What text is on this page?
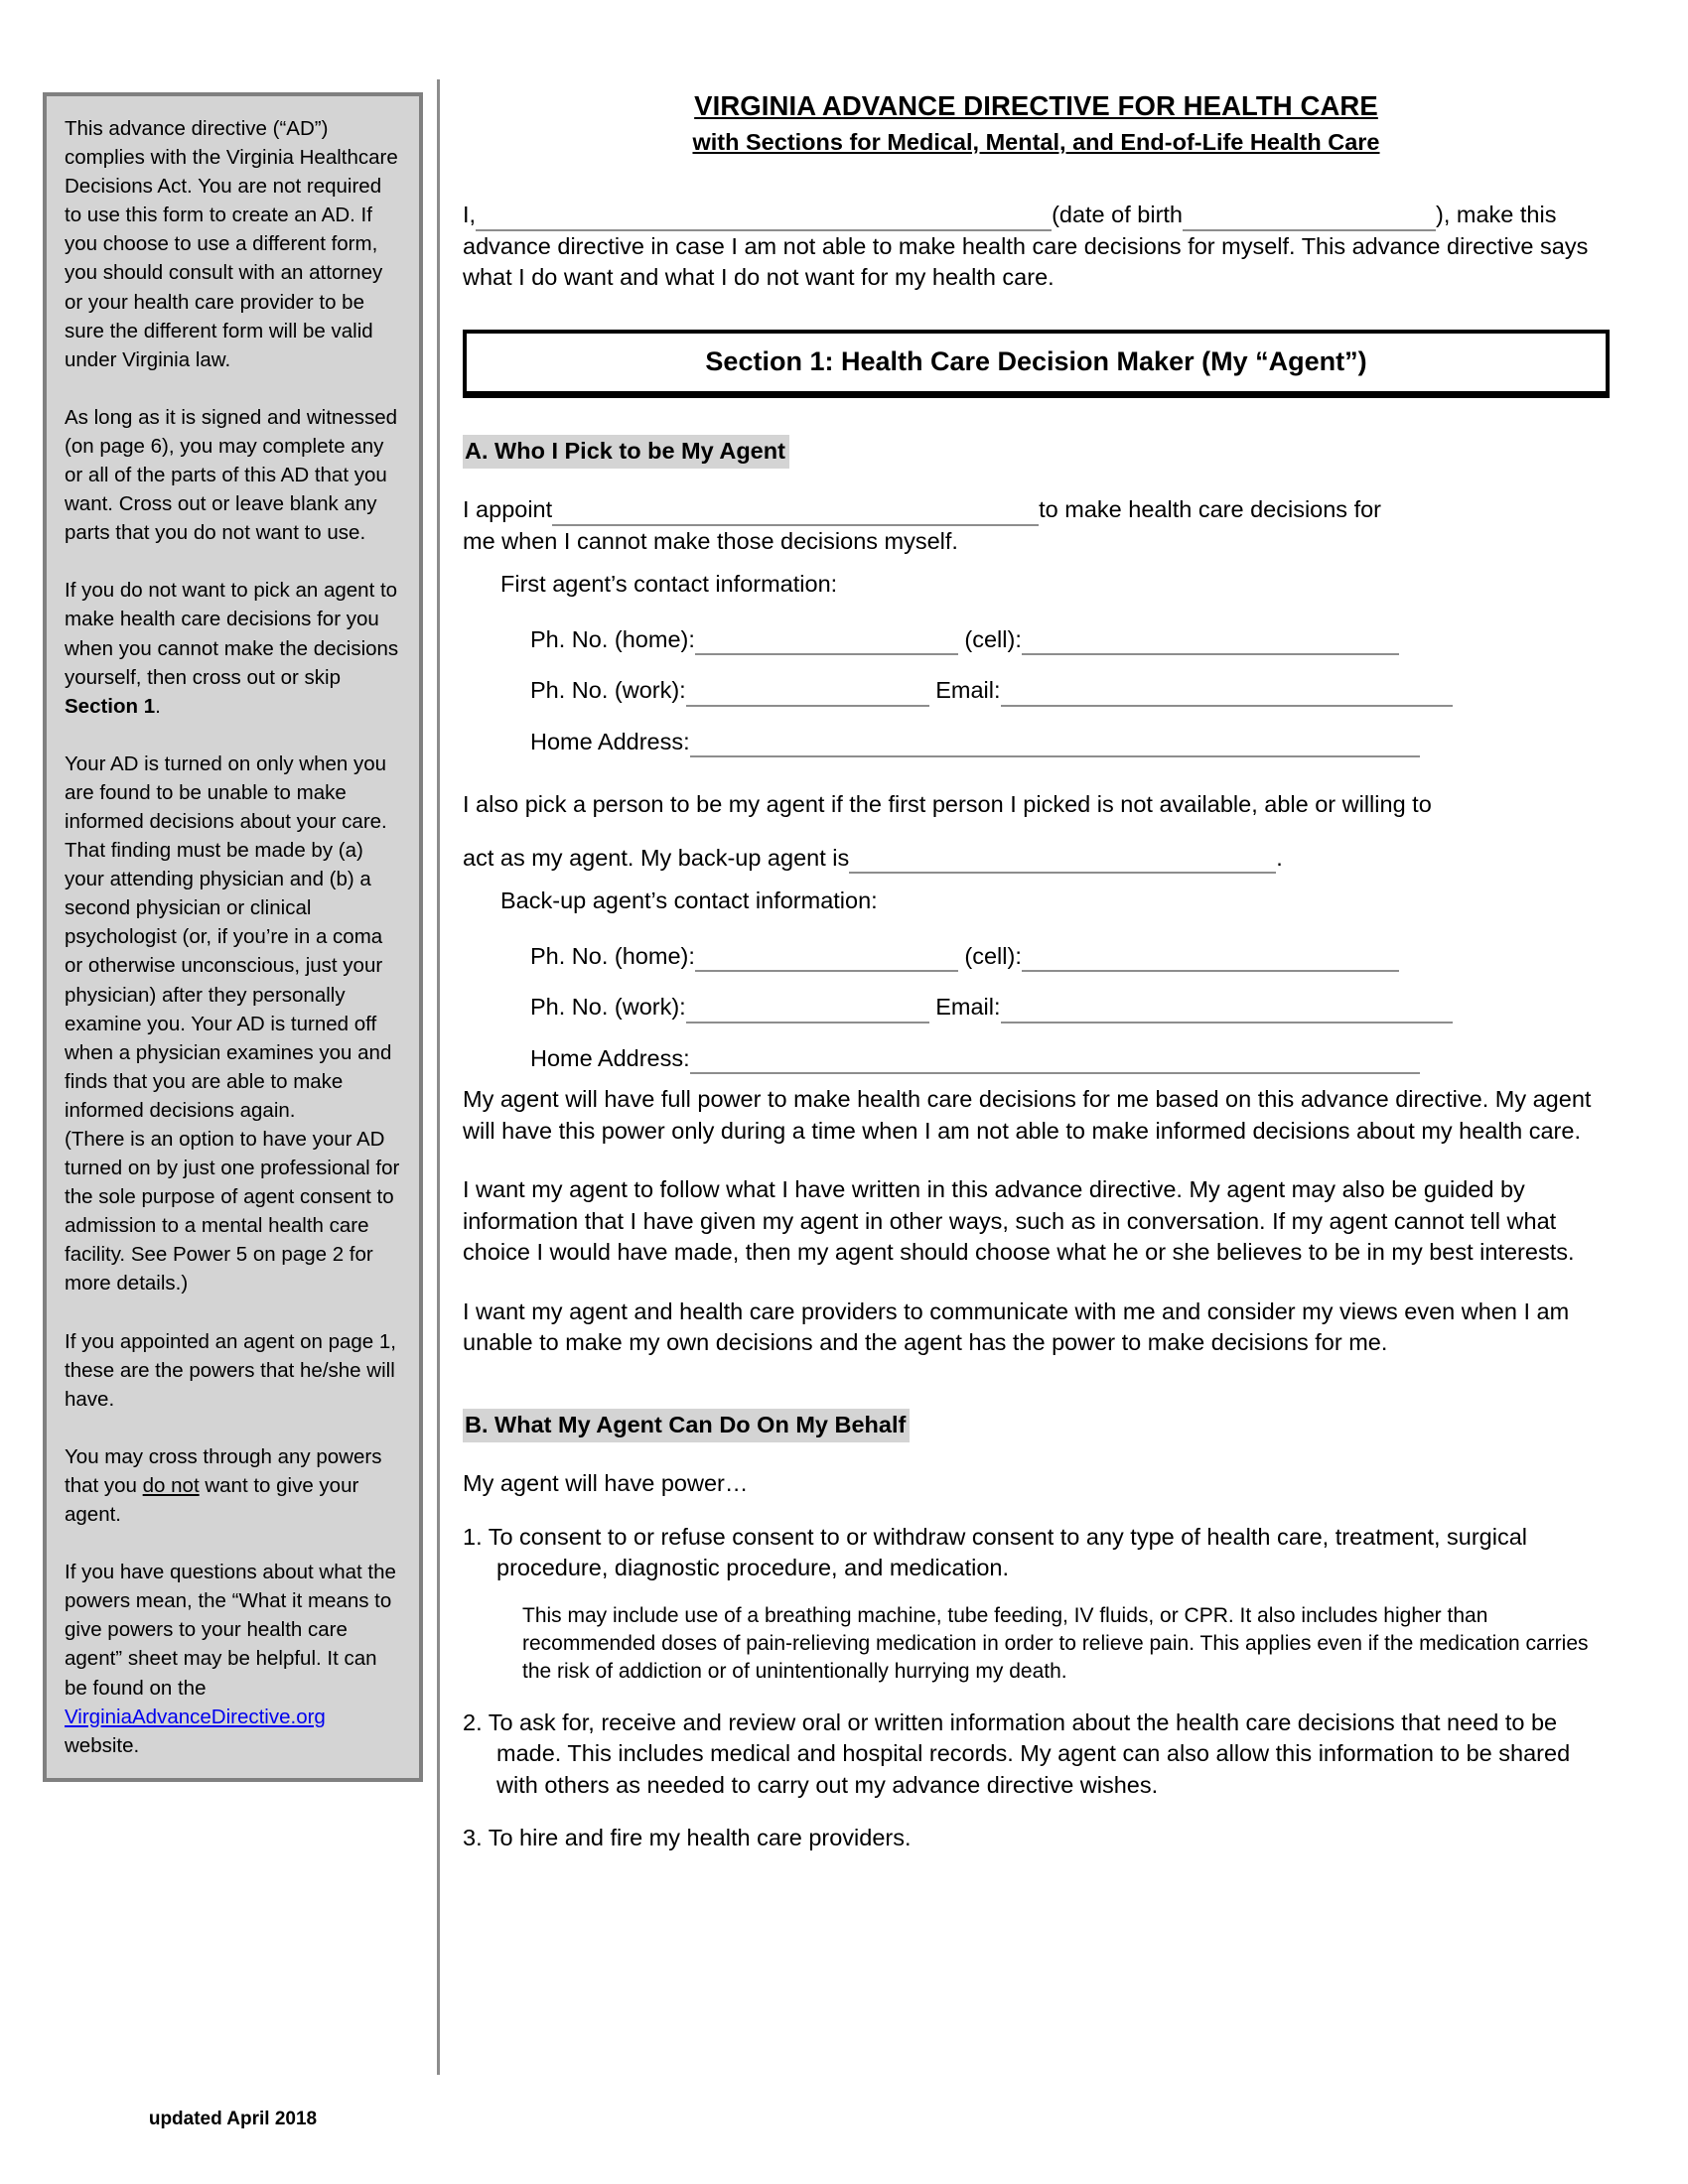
This advance directive (“AD”) complies with the Virginia Healthcare Decisions Act. You are not required to use this form to create an AD. If you choose to use a different form, you should consult with an attorney or your health care provider to be sure the different form will be valid under Virginia law.

As long as it is signed and witnessed (on page 6), you may complete any or all of the parts of this AD that you want. Cross out or leave blank any parts that you do not want to use.

If you do not want to pick an agent to make health care decisions for you when you cannot make the decisions yourself, then cross out or skip Section 1.

Your AD is turned on only when you are found to be unable to make informed decisions about your care. That finding must be made by (a) your attending physician and (b) a second physician or clinical psychologist (or, if you’re in a coma or otherwise unconscious, just your physician) after they personally examine you. Your AD is turned off when a physician examines you and finds that you are able to make informed decisions again.

(There is an option to have your AD turned on by just one professional for the sole purpose of agent consent to admission to a mental health care facility. See Power 5 on page 2 for more details.)

If you appointed an agent on page 1, these are the powers that he/she will have.

You may cross through any powers that you do not want to give your agent.

If you have questions about what the powers mean, the “What it means to give powers to your health care agent” sheet may be helpful. It can be found on the VirginiaAdvanceDirective.org website.

updated April 2018
VIRGINIA ADVANCE DIRECTIVE FOR HEALTH CARE
with Sections for Medical, Mental, and End-of-Life Health Care
I,	(date of birth	), make this advance directive in case I am not able to make health care decisions for myself. This advance directive says what I do want and what I do not want for my health care.
Section 1: Health Care Decision Maker (My “Agent”)
A. Who I Pick to be My Agent
I appoint	to make health care decisions for
me when I cannot make those decisions myself.
First agent’s contact information:
Ph. No. (home):	(cell):
Ph. No. (work):	Email:
Home Address:
I also pick a person to be my agent if the first person I picked is not available, able or willing to
act as my agent. My back-up agent is	.
Back-up agent’s contact information:
Ph. No. (home):	(cell):
Ph. No. (work):	Email:
Home Address:
My agent will have full power to make health care decisions for me based on this advance directive. My agent will have this power only during a time when I am not able to make informed decisions about my health care.
I want my agent to follow what I have written in this advance directive. My agent may also be guided by information that I have given my agent in other ways, such as in conversation. If my agent cannot tell what choice I would have made, then my agent should choose what he or she believes to be in my best interests.
I want my agent and health care providers to communicate with me and consider my views even when I am unable to make my own decisions and the agent has the power to make decisions for me.
B. What My Agent Can Do On My Behalf
My agent will have power…
1. To consent to or refuse consent to or withdraw consent to any type of health care, treatment, surgical procedure, diagnostic procedure, and medication.
This may include use of a breathing machine, tube feeding, IV fluids, or CPR. It also includes higher than recommended doses of pain-relieving medication in order to relieve pain. This applies even if the medication carries the risk of addiction or of unintentionally hurrying my death.
2. To ask for, receive and review oral or written information about the health care decisions that need to be made. This includes medical and hospital records. My agent can also allow this information to be shared with others as needed to carry out my advance directive wishes.
3. To hire and fire my health care providers.
